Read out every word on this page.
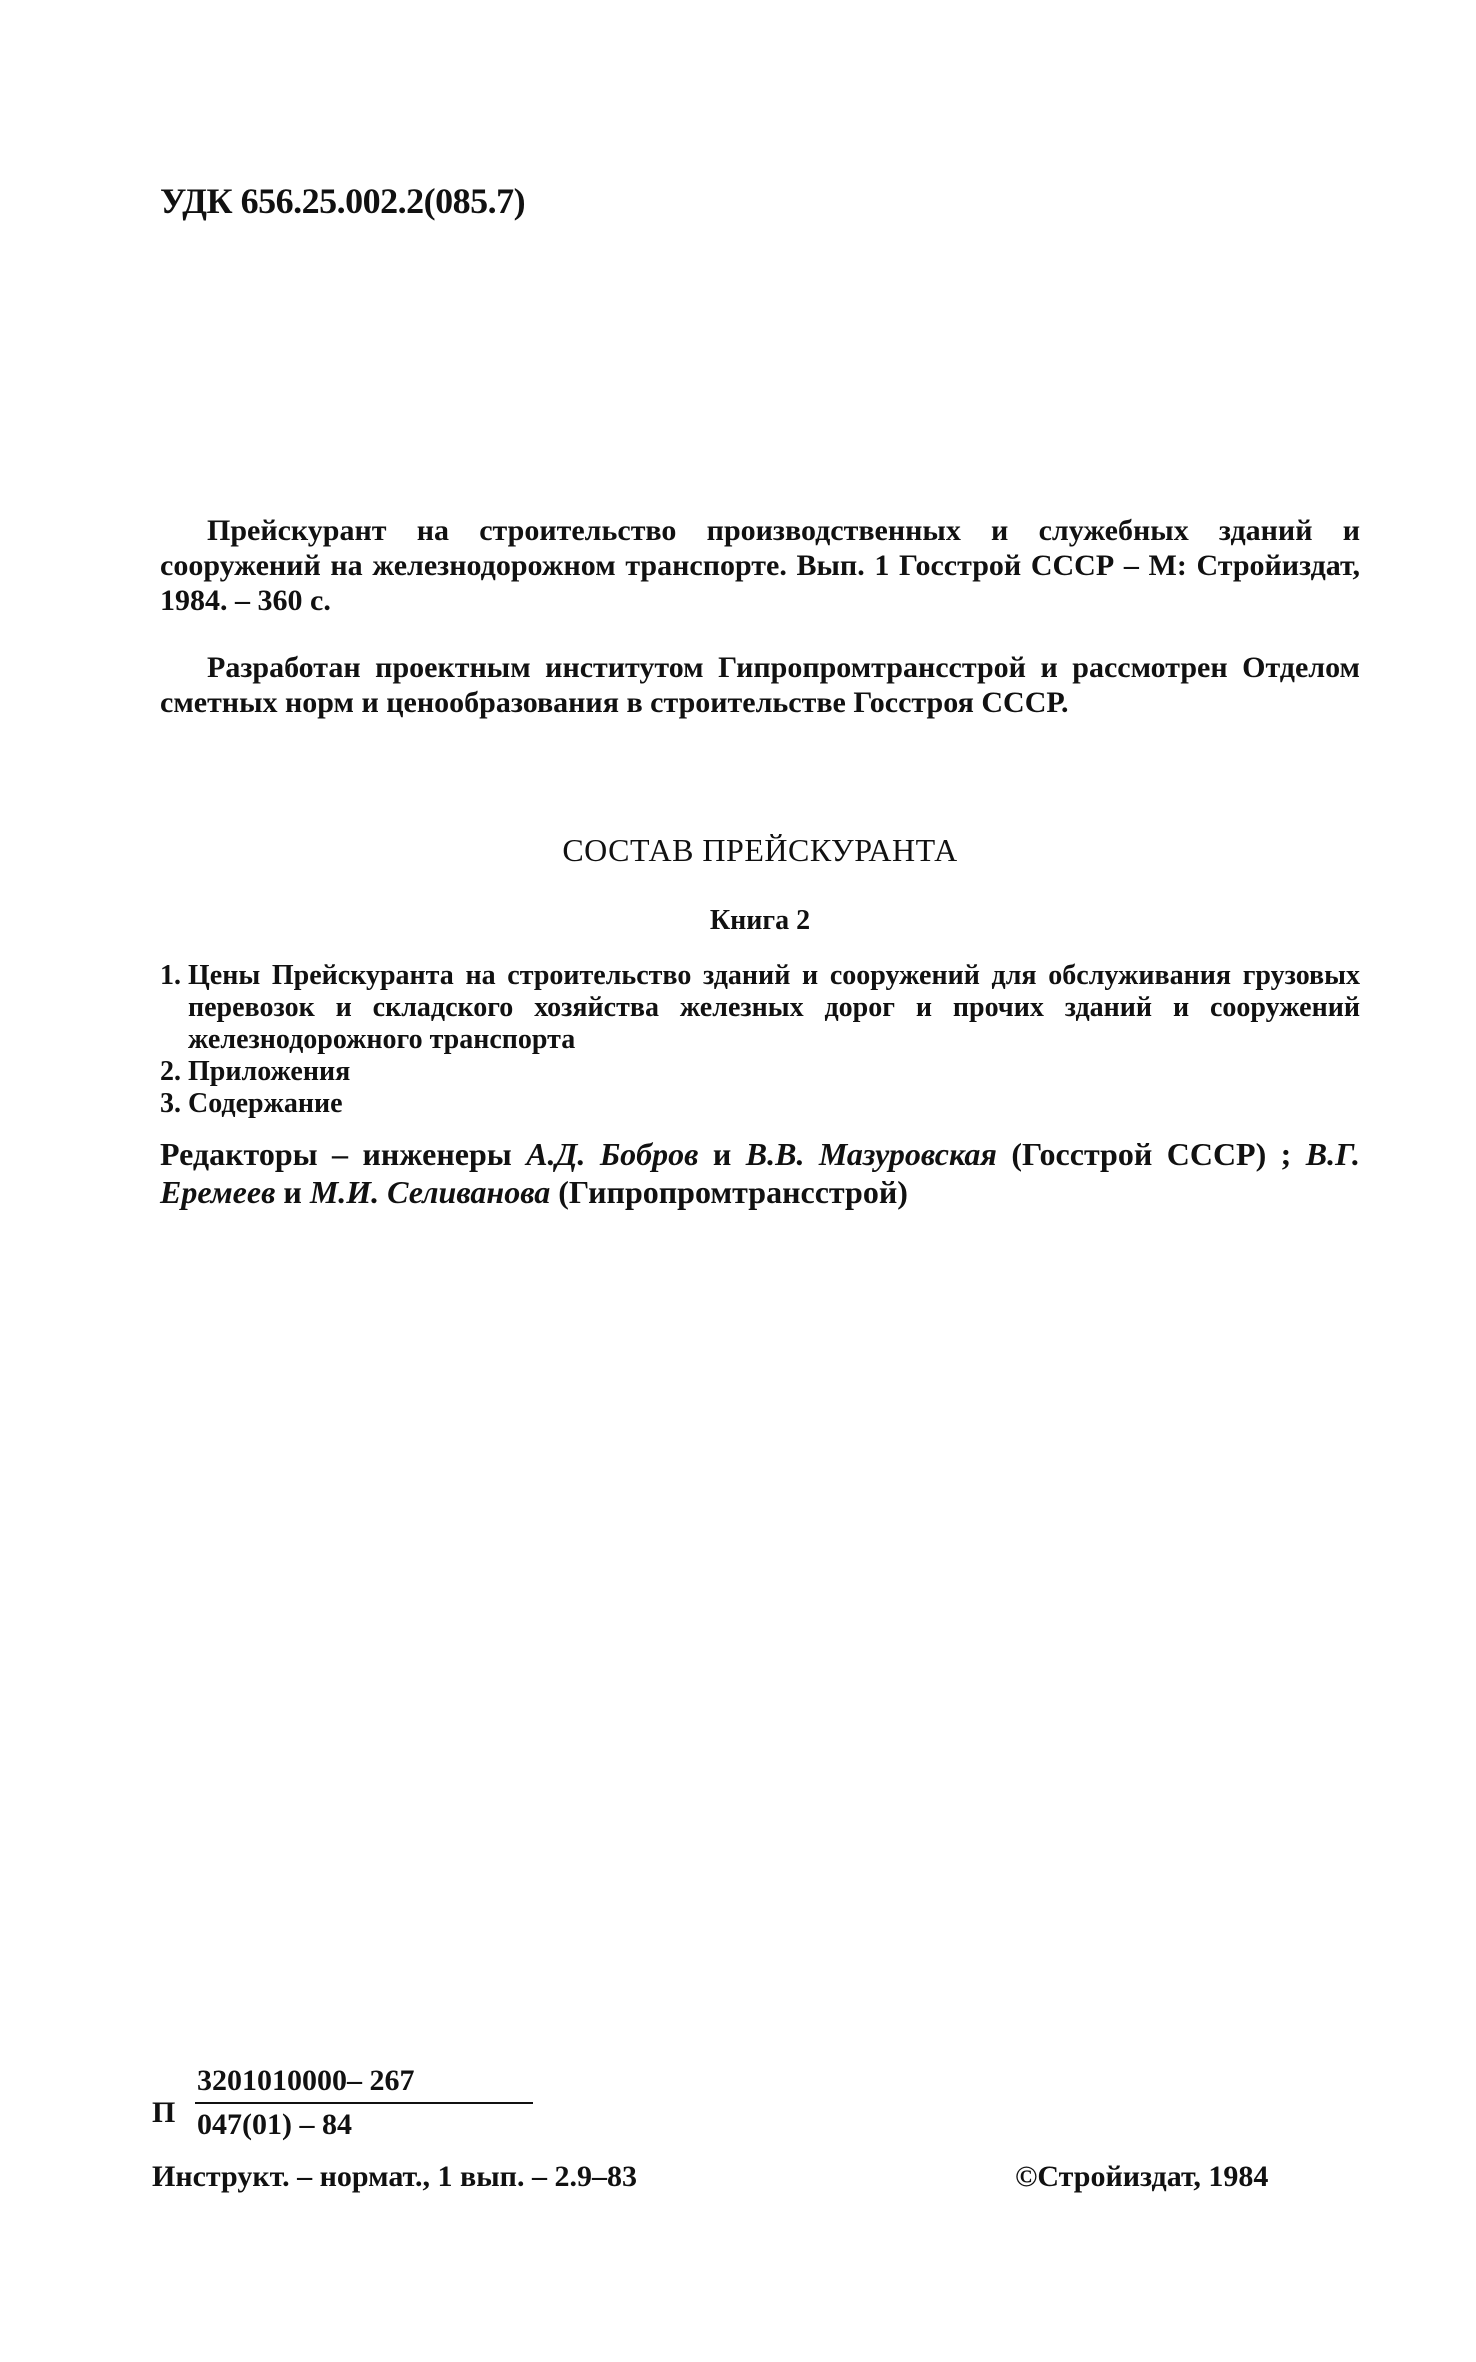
УДК 656.25.002.2(085.7)
Прейскурант на строительство производственных и служебных зданий и сооружений на железнодорожном транспорте. Вып. 1 Госстрой СССР – М: Стройиздат, 1984. – 360 с.
Разработан проектным институтом Гипропромтрансстрой и рассмотрен Отделом сметных норм и ценообразования в строительстве Госстроя СССР.
СОСТАВ ПРЕЙСКУРАНТА
Книга 2
1. Цены Прейскуранта на строительство зданий и сооружений для обслуживания грузовых перевозок и складского хозяйства железных дорог и прочих зданий и сооружений железнодорожного транспорта
2. Приложения
3. Содержание
Редакторы – инженеры А.Д. Бобров и В.В. Мазуровская (Госстрой СССР) ; В.Г. Еремеев и М.И. Селиванова (Гипропромтрансстрой)
П
3201010000– 267
047(01) – 84
Инструкт. – нормат., 1 вып. – 2.9–83	©Стройиздат, 1984
